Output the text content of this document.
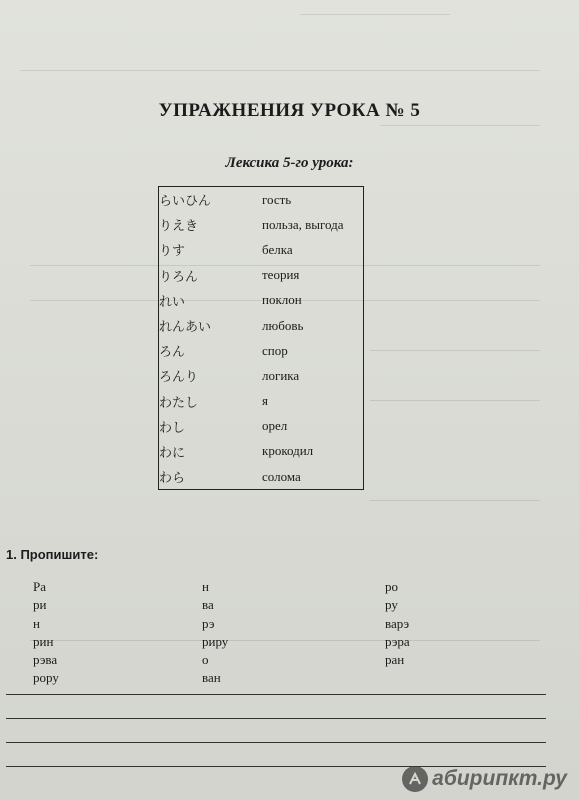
УПРАЖНЕНИЯ УРОКА № 5
Лексика 5-го урока:
らいひん	гость
りえき	польза, выгода
りす	белка
りろん	теория
れい	поклон
れんあい	любовь
ろん	спор
ろんり	логика
わたし	я
わし	орел
わに	крокодил
わら	солома
1. Пропишите:
Ра
ри
н
рин
рэва
рору
н
ва
рэ
риру
о
ван
ро
ру
варэ
рэра
ран
абирипкт.ру
